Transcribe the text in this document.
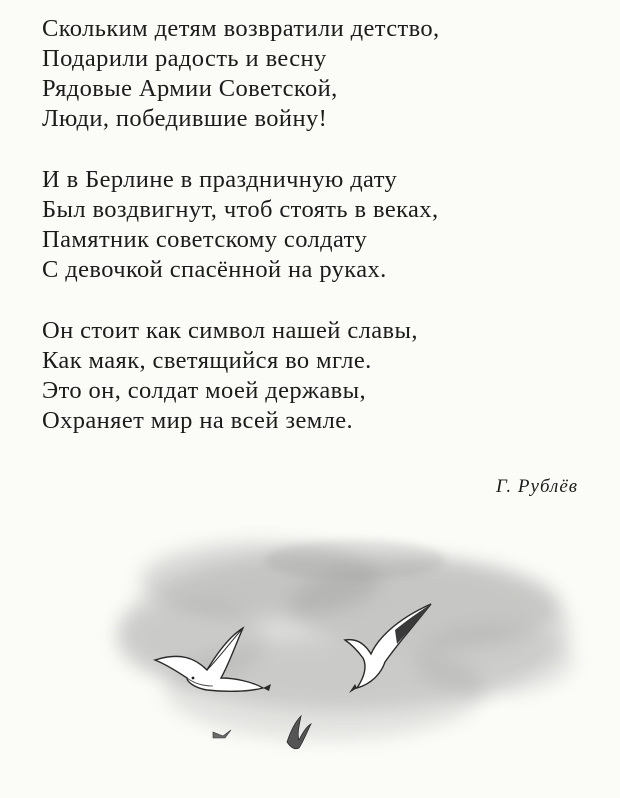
Скольким детям возвратили детство,
Подарили радость и весну
Рядовые Армии Советской,
Люди, победившие войну!

И в Берлине в праздничную дату
Был воздвигнут, чтоб стоять в веках,
Памятник советскому солдату
С девочкой спасённой на руках.

Он стоит как символ нашей славы,
Как маяк, светящийся во мгле.
Это он, солдат моей державы,
Охраняет мир на всей земле.

Г. Рублёв
